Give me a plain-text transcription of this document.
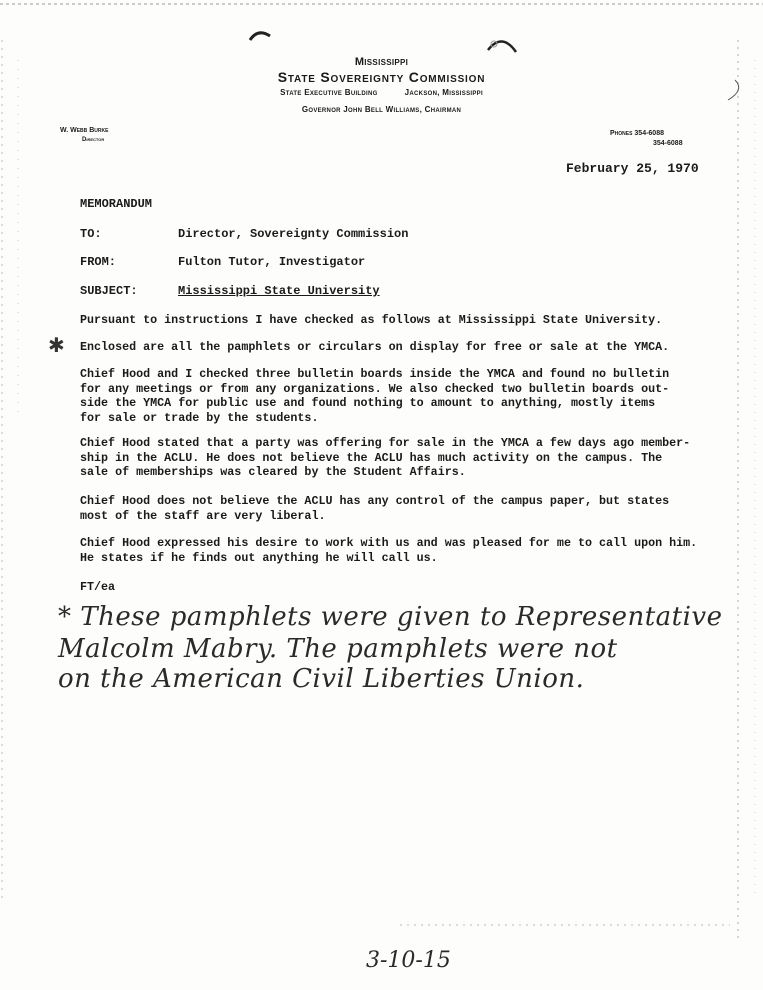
Mississippi
State Sovereignty Commission
State Executive Building	Jackson, Mississippi
Governor John Bell Williams, Chairman
W. Webb Burke
Director
Phones 354-6088
354-6088
February 25, 1970
MEMORANDUM
TO:	Director, Sovereignty Commission
FROM:	Fulton Tutor, Investigator
SUBJECT:	Mississippi State University
Pursuant to instructions I have checked as follows at Mississippi State University.
✱ Enclosed are all the pamphlets or circulars on display for free or sale at the YMCA.
Chief Hood and I checked three bulletin boards inside the YMCA and found no bulletin
for any meetings or from any organizations. We also checked two bulletin boards out-
side the YMCA for public use and found nothing to amount to anything, mostly items
for sale or trade by the students.
Chief Hood stated that a party was offering for sale in the YMCA a few days ago member-
ship in the ACLU. He does not believe the ACLU has much activity on the campus. The
sale of memberships was cleared by the Student Affairs.
Chief Hood does not believe the ACLU has any control of the campus paper, but states
most of the staff are very liberal.
Chief Hood expressed his desire to work with us and was pleased for me to call upon him.
He states if he finds out anything he will call us.
FT/ea
* These pamphlets were given to Representative
Malcolm Mabry. The pamphlets were not
on the American Civil Liberties Union.
3-10-15
